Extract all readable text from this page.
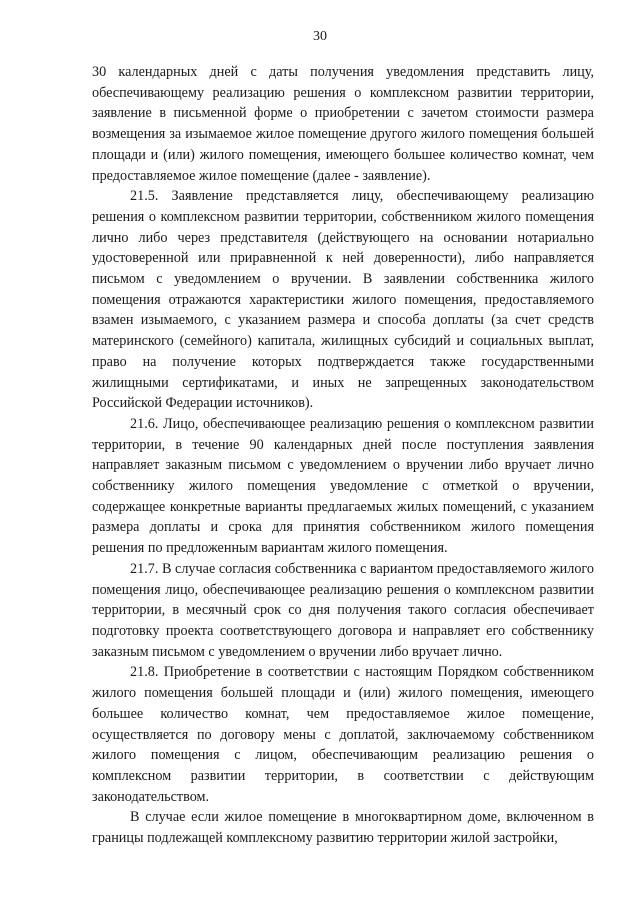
30

30 календарных дней с даты получения уведомления представить лицу, обеспечивающему реализацию решения о комплексном развитии территории, заявление в письменной форме о приобретении с зачетом стоимости размера возмещения за изымаемое жилое помещение другого жилого помещения большей площади и (или) жилого помещения, имеющего большее количество комнат, чем предоставляемое жилое помещение (далее - заявление).

21.5. Заявление представляется лицу, обеспечивающему реализацию решения о комплексном развитии территории, собственником жилого помещения лично либо через представителя (действующего на основании нотариально удостоверенной или приравненной к ней доверенности), либо направляется письмом с уведомлением о вручении. В заявлении собственника жилого помещения отражаются характеристики жилого помещения, предоставляемого взамен изымаемого, с указанием размера и способа доплаты (за счет средств материнского (семейного) капитала, жилищных субсидий и социальных выплат, право на получение которых подтверждается также государственными жилищными сертификатами, и иных не запрещенных законодательством Российской Федерации источников).

21.6. Лицо, обеспечивающее реализацию решения о комплексном развитии территории, в течение 90 календарных дней после поступления заявления направляет заказным письмом с уведомлением о вручении либо вручает лично собственнику жилого помещения уведомление с отметкой о вручении, содержащее конкретные варианты предлагаемых жилых помещений, с указанием размера доплаты и срока для принятия собственником жилого помещения решения по предложенным вариантам жилого помещения.

21.7. В случае согласия собственника с вариантом предоставляемого жилого помещения лицо, обеспечивающее реализацию решения о комплексном развитии территории, в месячный срок со дня получения такого согласия обеспечивает подготовку проекта соответствующего договора и направляет его собственнику заказным письмом с уведомлением о вручении либо вручает лично.

21.8. Приобретение в соответствии с настоящим Порядком собственником жилого помещения большей площади и (или) жилого помещения, имеющего большее количество комнат, чем предоставляемое жилое помещение, осуществляется по договору мены с доплатой, заключаемому собственником жилого помещения с лицом, обеспечивающим реализацию решения о комплексном развитии территории, в соответствии с действующим законодательством.

В случае если жилое помещение в многоквартирном доме, включенном в границы подлежащей комплексному развитию территории жилой застройки,
